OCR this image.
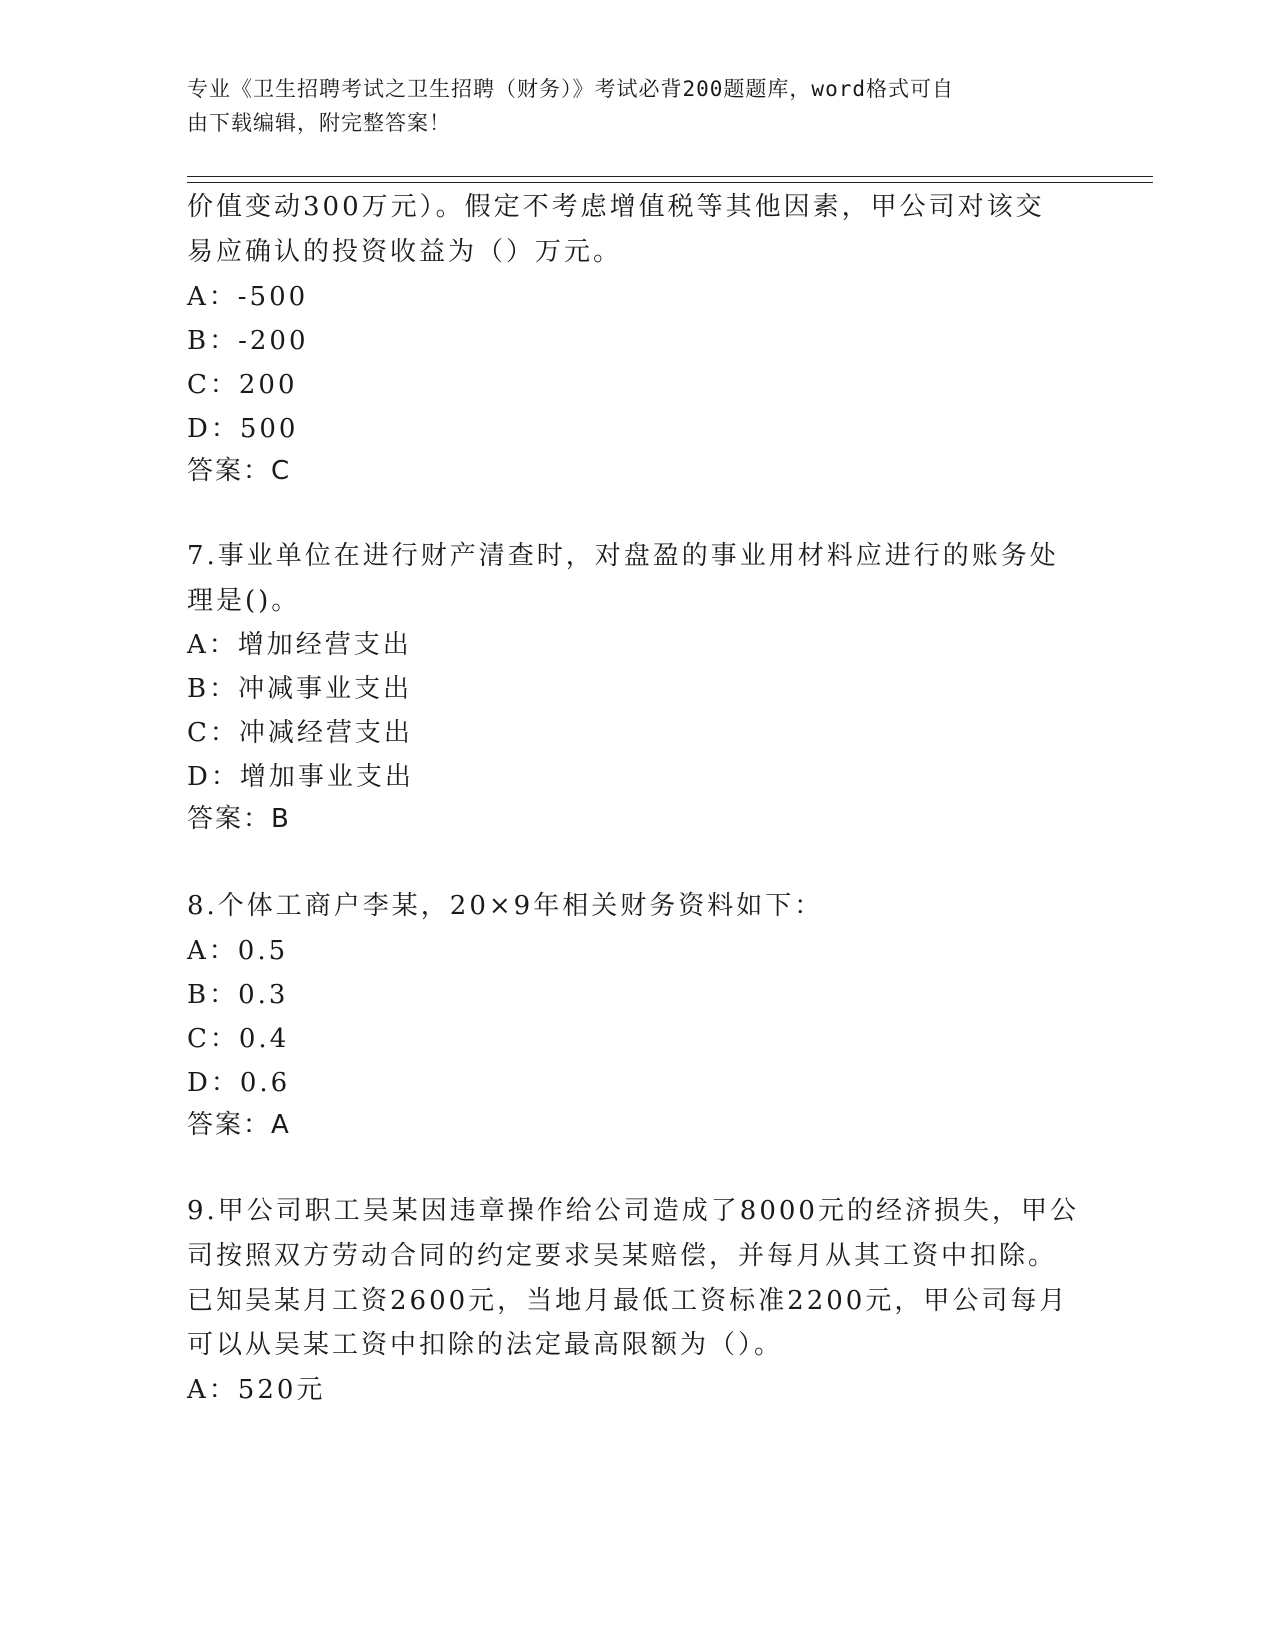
专业《卫生招聘考试之卫生招聘（财务）》考试必背200题题库，word格式可自
由下载编辑，附完整答案！
价值变动300万元）。假定不考虑增值税等其他因素，甲公司对该交
易应确认的投资收益为（）万元。
A：-500
B：-200
C：200
D：500
答案：C
7.事业单位在进行财产清查时，对盘盈的事业用材料应进行的账务处
理是()。
A：增加经营支出
B：冲减事业支出
C：冲减经营支出
D：增加事业支出
答案：B
8.个体工商户李某，20×9年相关财务资料如下：
A：0.5
B：0.3
C：0.4
D：0.6
答案：A
9.甲公司职工吴某因违章操作给公司造成了8000元的经济损失，甲公
司按照双方劳动合同的约定要求吴某赔偿，并每月从其工资中扣除。
已知吴某月工资2600元，当地月最低工资标准2200元，甲公司每月
可以从吴某工资中扣除的法定最高限额为（）。
A：520元
